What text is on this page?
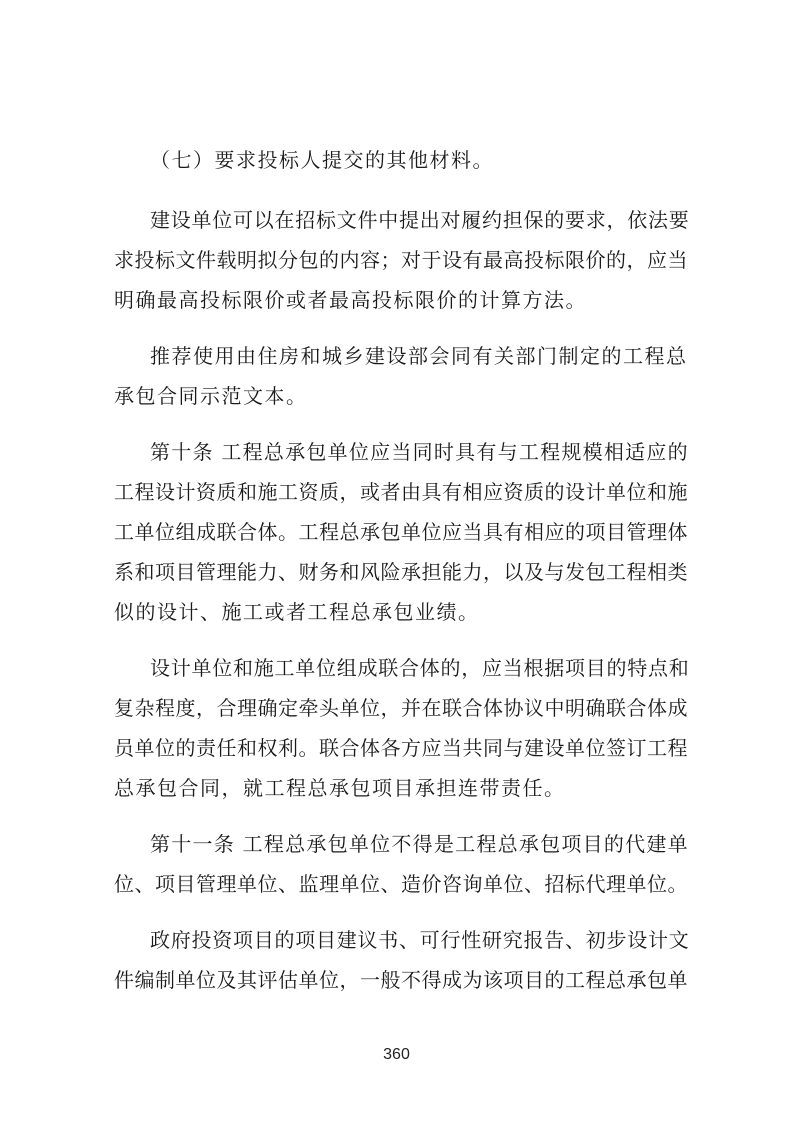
（七）要求投标人提交的其他材料。
建设单位可以在招标文件中提出对履约担保的要求，依法要
求投标文件载明拟分包的内容；对于设有最高投标限价的，应当
明确最高投标限价或者最高投标限价的计算方法。
推荐使用由住房和城乡建设部会同有关部门制定的工程总
承包合同示范文本。
第十条 工程总承包单位应当同时具有与工程规模相适应的
工程设计资质和施工资质，或者由具有相应资质的设计单位和施
工单位组成联合体。工程总承包单位应当具有相应的项目管理体
系和项目管理能力、财务和风险承担能力，以及与发包工程相类
似的设计、施工或者工程总承包业绩。
设计单位和施工单位组成联合体的，应当根据项目的特点和
复杂程度，合理确定牵头单位，并在联合体协议中明确联合体成
员单位的责任和权利。联合体各方应当共同与建设单位签订工程
总承包合同，就工程总承包项目承担连带责任。
第十一条 工程总承包单位不得是工程总承包项目的代建单
位、项目管理单位、监理单位、造价咨询单位、招标代理单位。
政府投资项目的项目建议书、可行性研究报告、初步设计文
件编制单位及其评估单位，一般不得成为该项目的工程总承包单
360
